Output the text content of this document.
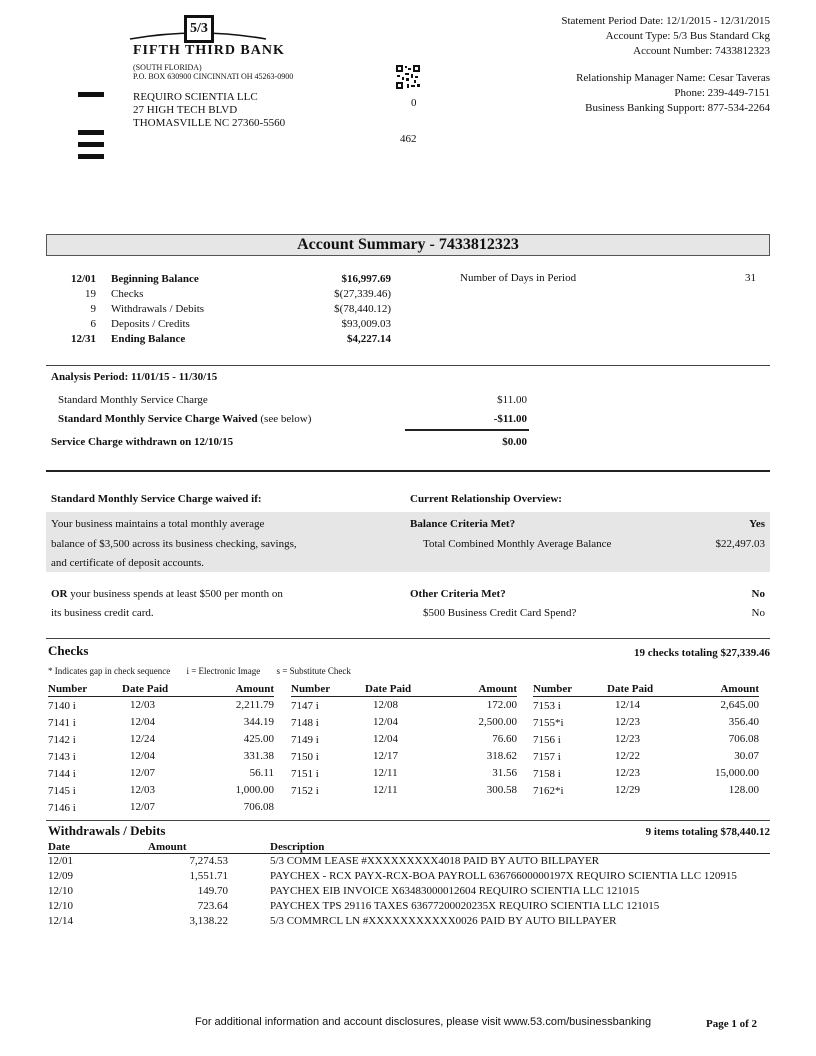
5/3
FIFTH THIRD BANK
(SOUTH FLORIDA)
P.O. BOX 630900 CINCINNATI OH 45263-0900
REQUIRO SCIENTIA LLC
27 HIGH TECH BLVD
THOMASVILLE NC 27360-5560
0
462
Statement Period Date: 12/1/2015 - 12/31/2015
Account Type: 5/3 Bus Standard Ckg
Account Number: 7433812323
Relationship Manager Name: Cesar Taveras
Phone: 239-449-7151
Business Banking Support: 877-534-2264
Account Summary - 7433812323
12/01 Beginning Balance	$16,997.69
19 Checks	$(27,339.46)
9 Withdrawals / Debits	$(78,440.12)
6 Deposits / Credits	$93,009.03
12/31 Ending Balance	$4,227.14
Number of Days in Period	31
Analysis Period: 11/01/15 - 11/30/15
Standard Monthly Service Charge	$11.00
Standard Monthly Service Charge Waived (see below)	-$11.00
Service Charge withdrawn on 12/10/15	$0.00
Standard Monthly Service Charge waived if:	Current Relationship Overview:
Your business maintains a total monthly average
balance of $3,500 across its business checking, savings,
and certificate of deposit accounts.
Balance Criteria Met?	Yes
Total Combined Monthly Average Balance	$22,497.03
OR your business spends at least $500 per month on
its business credit card.
Other Criteria Met?	No
$500 Business Credit Card Spend?	No
Checks	19 checks totaling $27,339.46
* Indicates gap in check sequence i = Electronic Image s = Substitute Check
Number	Date Paid	Amount
7140 i	12/03	2,211.79
7141 i	12/04	344.19
7142 i	12/24	425.00
7143 i	12/04	331.38
7144 i	12/07	56.11
7145 i	12/03	1,000.00
7146 i	12/07	706.08
Number	Date Paid	Amount
7147 i	12/08	172.00
7148 i	12/04	2,500.00
7149 i	12/04	76.60
7150 i	12/17	318.62
7151 i	12/11	31.56
7152 i	12/11	300.58
Number	Date Paid	Amount
7153 i	12/14	2,645.00
7155*i	12/23	356.40
7156 i	12/23	706.08
7157 i	12/22	30.07
7158 i	12/23	15,000.00
7162*i	12/29	128.00
Withdrawals / Debits	9 items totaling $78,440.12
Date	Amount	Description
12/01	7,274.53	5/3 COMM LEASE #XXXXXXXXX4018 PAID BY AUTO BILLPAYER
12/09	1,551.71	PAYCHEX - RCX PAYX-RCX-BOA PAYROLL 63676600000197X REQUIRO SCIENTIA LLC 120915
12/10	149.70	PAYCHEX EIB INVOICE X63483000012604 REQUIRO SCIENTIA LLC 121015
12/10	723.64	PAYCHEX TPS 29116 TAXES 63677200020235X REQUIRO SCIENTIA LLC 121015
12/14	3,138.22	5/3 COMMRCL LN #XXXXXXXXXXX0026 PAID BY AUTO BILLPAYER
For additional information and account disclosures, please visit www.53.com/businessbanking	Page 1 of 2
